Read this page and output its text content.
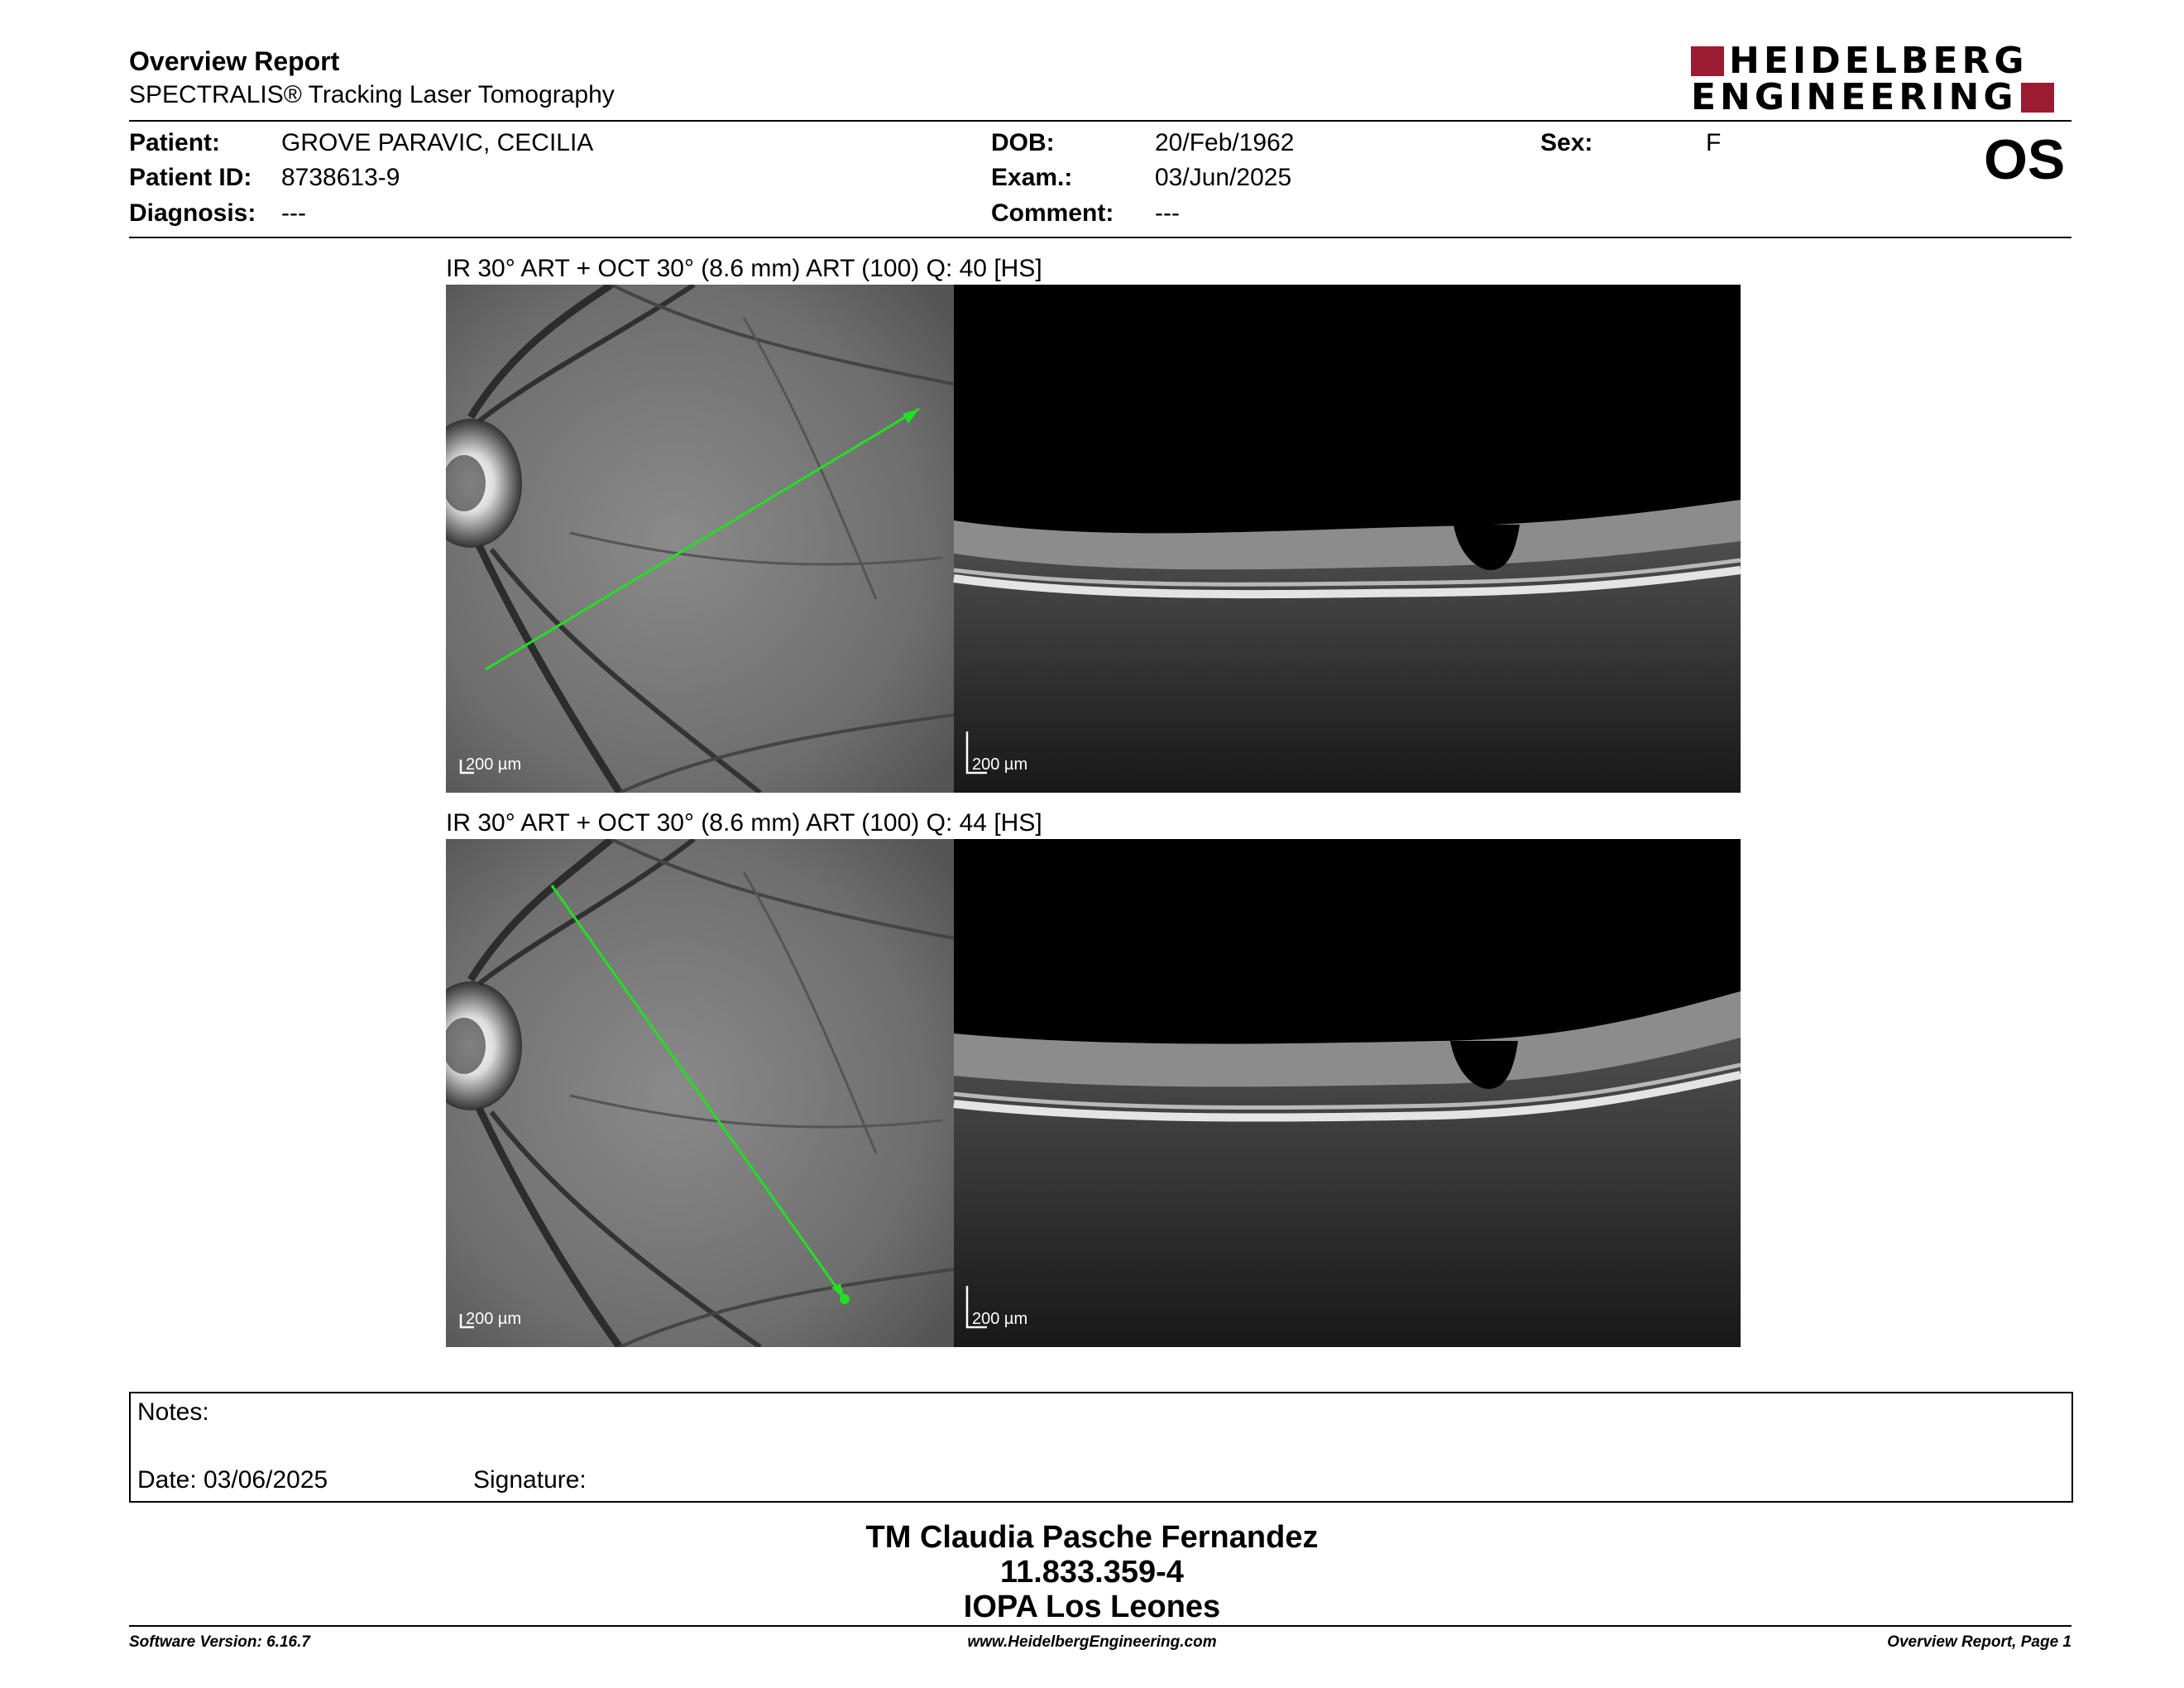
Overview Report
SPECTRALIS® Tracking Laser Tomography
HEIDELBERG
ENGINEERING
Patient: GROVE PARAVIC, CECILIA
Patient ID: 8738613-9
Diagnosis: ---
DOB:	20/Feb/1962
Exam.:	03/Jun/2025
Comment: ---
Sex:	F	OS
IR 30° ART + OCT 30° (8.6 mm) ART (100) Q: 40 [HS]
200 µm	200 µm
IR 30° ART + OCT 30° (8.6 mm) ART (100) Q: 44 [HS]
200 µm	200 µm
Notes:
Date: 03/06/2025	Signature:
TM Claudia Pasche Fernandez
11.833.359-4
IOPA Los Leones
Software Version: 6.16.7	www.HeidelbergEngineering.com	Overview Report, Page 1
